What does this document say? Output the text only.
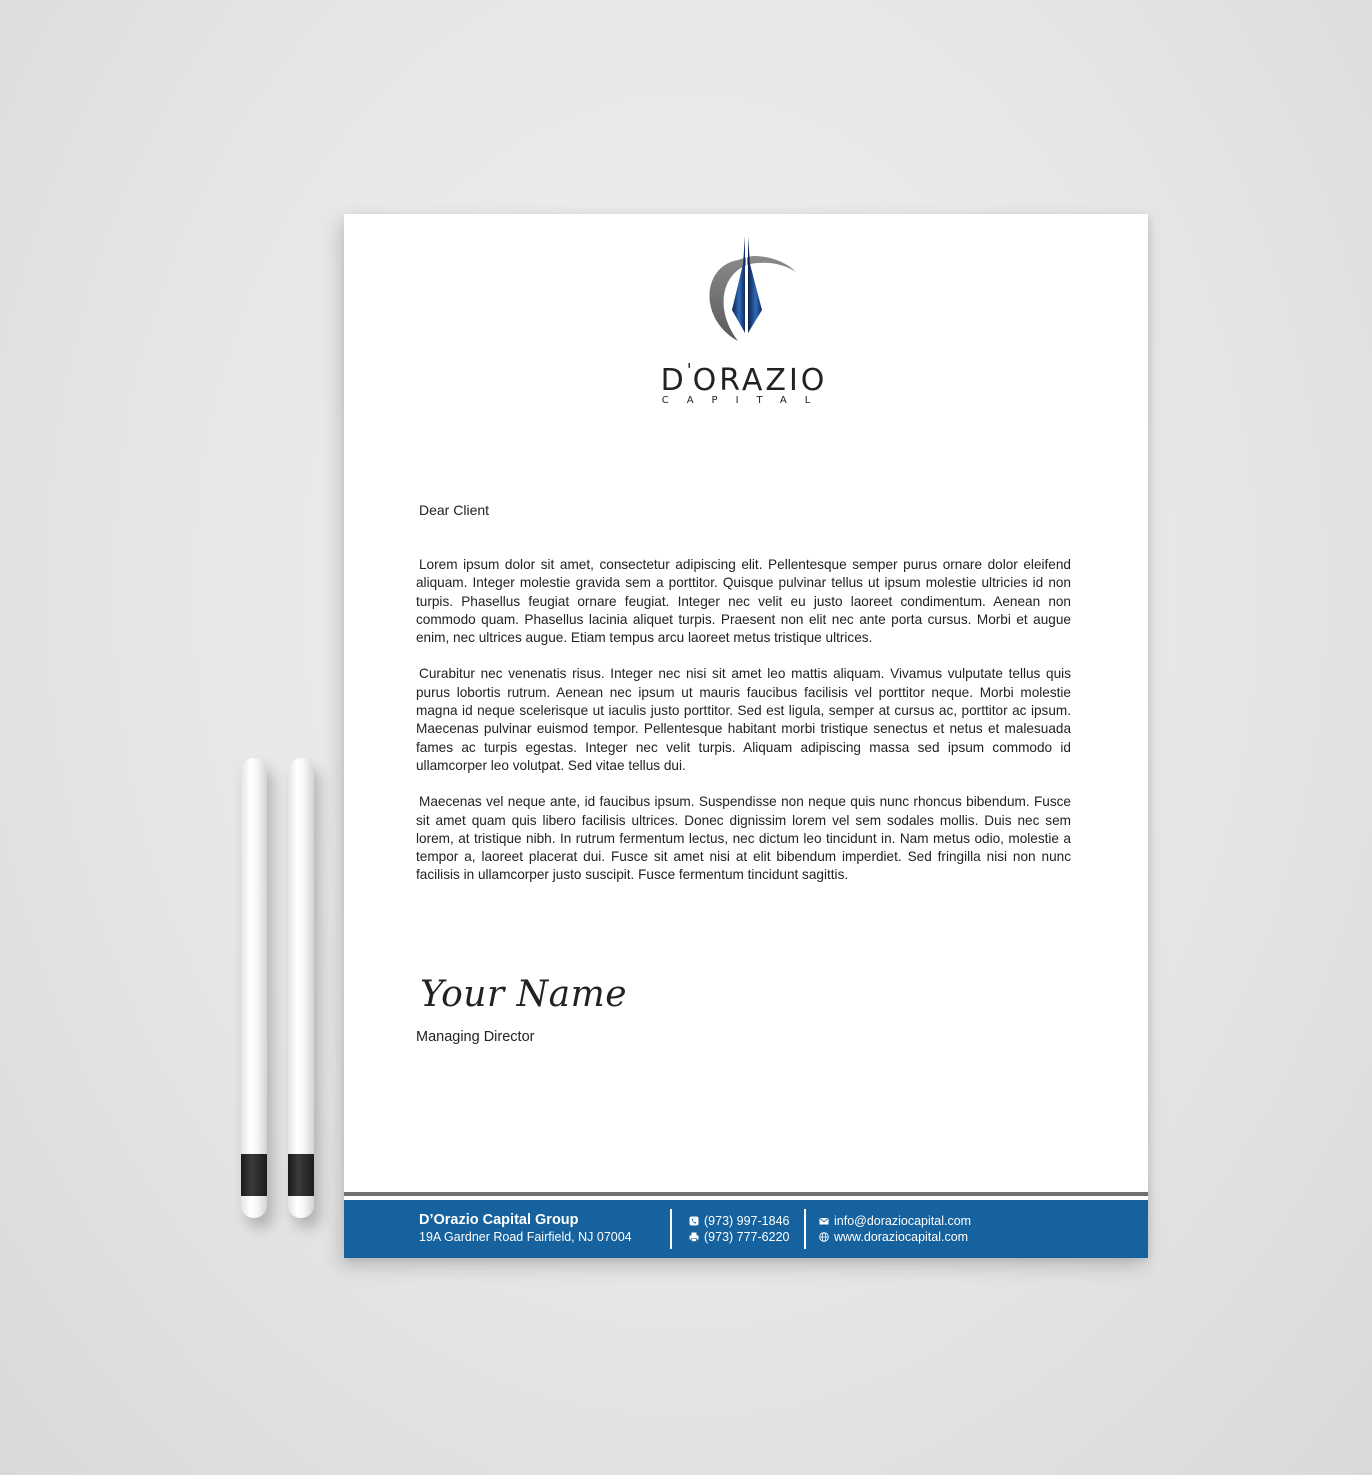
D'ORAZIO
CAPITAL
Dear Client

Lorem ipsum dolor sit amet, consectetur adipiscing elit. Pellentesque semper purus ornare dolor eleifend aliquam. Integer molestie gravida sem a porttitor. Quisque pulvinar tellus ut ipsum molestie ultricies id non turpis. Phasellus feugiat ornare feugiat. Integer nec velit eu justo laoreet condimentum. Aenean non commodo quam. Phasellus lacinia aliquet turpis. Praesent non elit nec ante porta cursus. Morbi et augue enim, nec ultrices augue. Etiam tempus arcu laoreet metus tristique ultrices.

Curabitur nec venenatis risus. Integer nec nisi sit amet leo mattis aliquam. Vivamus vulputate tellus quis purus lobortis rutrum. Aenean nec ipsum ut mauris faucibus facilisis vel porttitor neque. Morbi molestie magna id neque scelerisque ut iaculis justo porttitor. Sed est ligula, semper at cursus ac, porttitor ac ipsum. Maecenas pulvinar euismod tempor. Pellentesque habitant morbi tristique senectus et netus et malesuada fames ac turpis egestas. Integer nec velit turpis. Aliquam adipiscing massa sed ipsum commodo id ullamcorper leo volutpat. Sed vitae tellus dui.

Maecenas vel neque ante, id faucibus ipsum. Suspendisse non neque quis nunc rhoncus bibendum. Fusce sit amet quam quis libero facilisis ultrices. Donec dignissim lorem vel sem sodales mollis. Duis nec sem lorem, at tristique nibh. In rutrum fermentum lectus, nec dictum leo tincidunt in. Nam metus odio, molestie a tempor a, laoreet placerat dui. Fusce sit amet nisi at elit bibendum imperdiet. Sed fringilla nisi non nunc facilisis in ullamcorper justo suscipit. Fusce fermentum tincidunt sagittis.

Your Name
Managing Director
D’Orazio Capital Group
19A Gardner Road Fairfield, NJ 07004
(973) 997-1846
(973) 777-6220
info@doraziocapital.com
www.doraziocapital.com
